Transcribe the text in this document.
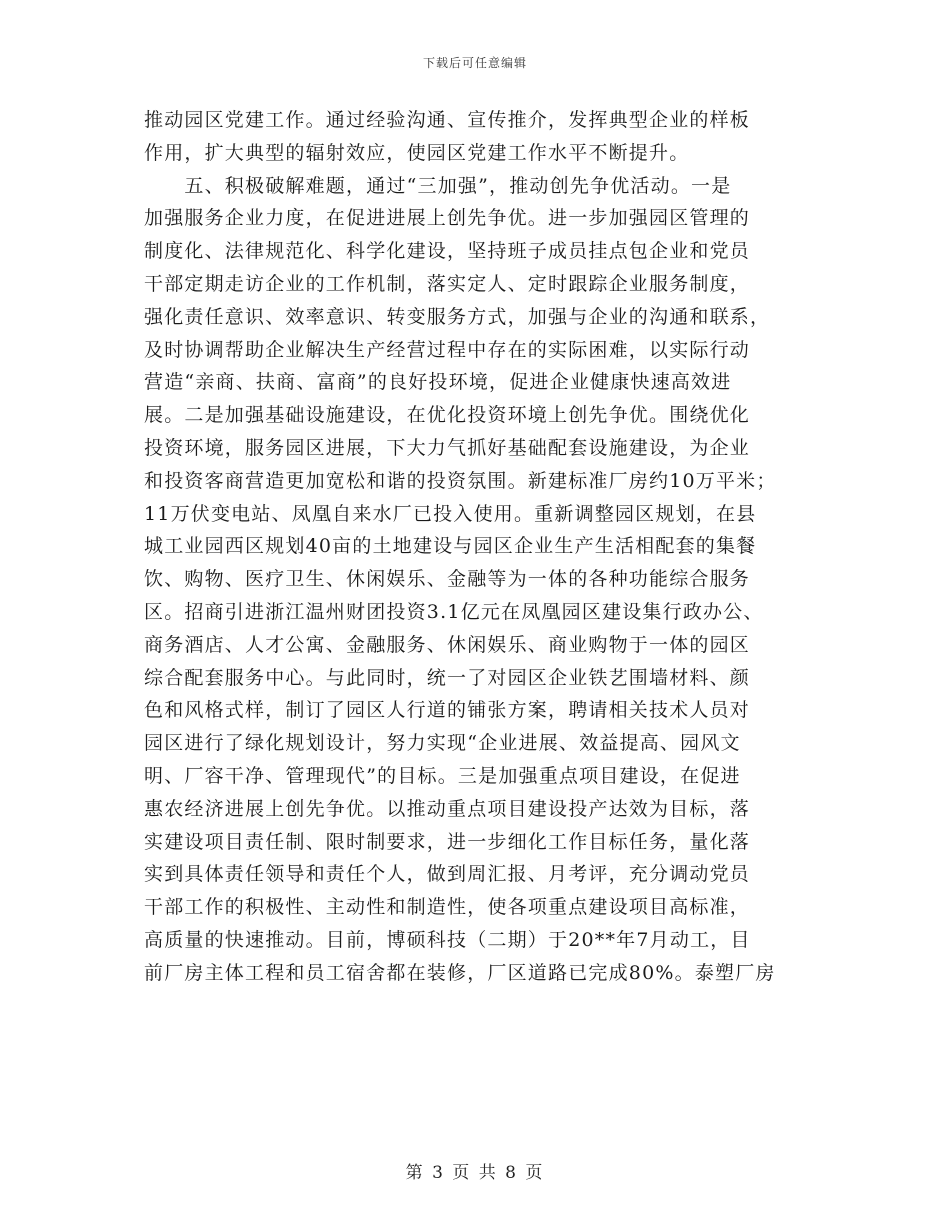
下载后可任意编辑
推动园区党建工作。通过经验沟通、宣传推介，发挥典型企业的样板
作用，扩大典型的辐射效应，使园区党建工作水平不断提升。
　　五、积极破解难题，通过“三加强”，推动创先争优活动。一是
加强服务企业力度，在促进进展上创先争优。进一步加强园区管理的
制度化、法律规范化、科学化建设，坚持班子成员挂点包企业和党员
干部定期走访企业的工作机制，落实定人、定时跟踪企业服务制度，
强化责任意识、效率意识、转变服务方式，加强与企业的沟通和联系，
及时协调帮助企业解决生产经营过程中存在的实际困难，以实际行动
营造“亲商、扶商、富商”的良好投环境，促进企业健康快速高效进
展。二是加强基础设施建设，在优化投资环境上创先争优。围绕优化
投资环境，服务园区进展，下大力气抓好基础配套设施建设，为企业
和投资客商营造更加宽松和谐的投资氛围。新建标准厂房约10万平米；
11万伏变电站、凤凰自来水厂已投入使用。重新调整园区规划，在县
城工业园西区规划40亩的土地建设与园区企业生产生活相配套的集餐
饮、购物、医疗卫生、休闲娱乐、金融等为一体的各种功能综合服务
区。招商引进浙江温州财团投资3.1亿元在凤凰园区建设集行政办公、
商务酒店、人才公寓、金融服务、休闲娱乐、商业购物于一体的园区
综合配套服务中心。与此同时，统一了对园区企业铁艺围墙材料、颜
色和风格式样，制订了园区人行道的铺张方案，聘请相关技术人员对
园区进行了绿化规划设计，努力实现“企业进展、效益提高、园风文
明、厂容干净、管理现代”的目标。三是加强重点项目建设，在促进
惠农经济进展上创先争优。以推动重点项目建设投产达效为目标，落
实建设项目责任制、限时制要求，进一步细化工作目标任务，量化落
实到具体责任领导和责任个人，做到周汇报、月考评，充分调动党员
干部工作的积极性、主动性和制造性，使各项重点建设项目高标准，
高质量的快速推动。目前，博硕科技（二期）于20**年7月动工，目
前厂房主体工程和员工宿舍都在装修，厂区道路已完成80%。泰塑厂房
第 3 页 共 8 页
